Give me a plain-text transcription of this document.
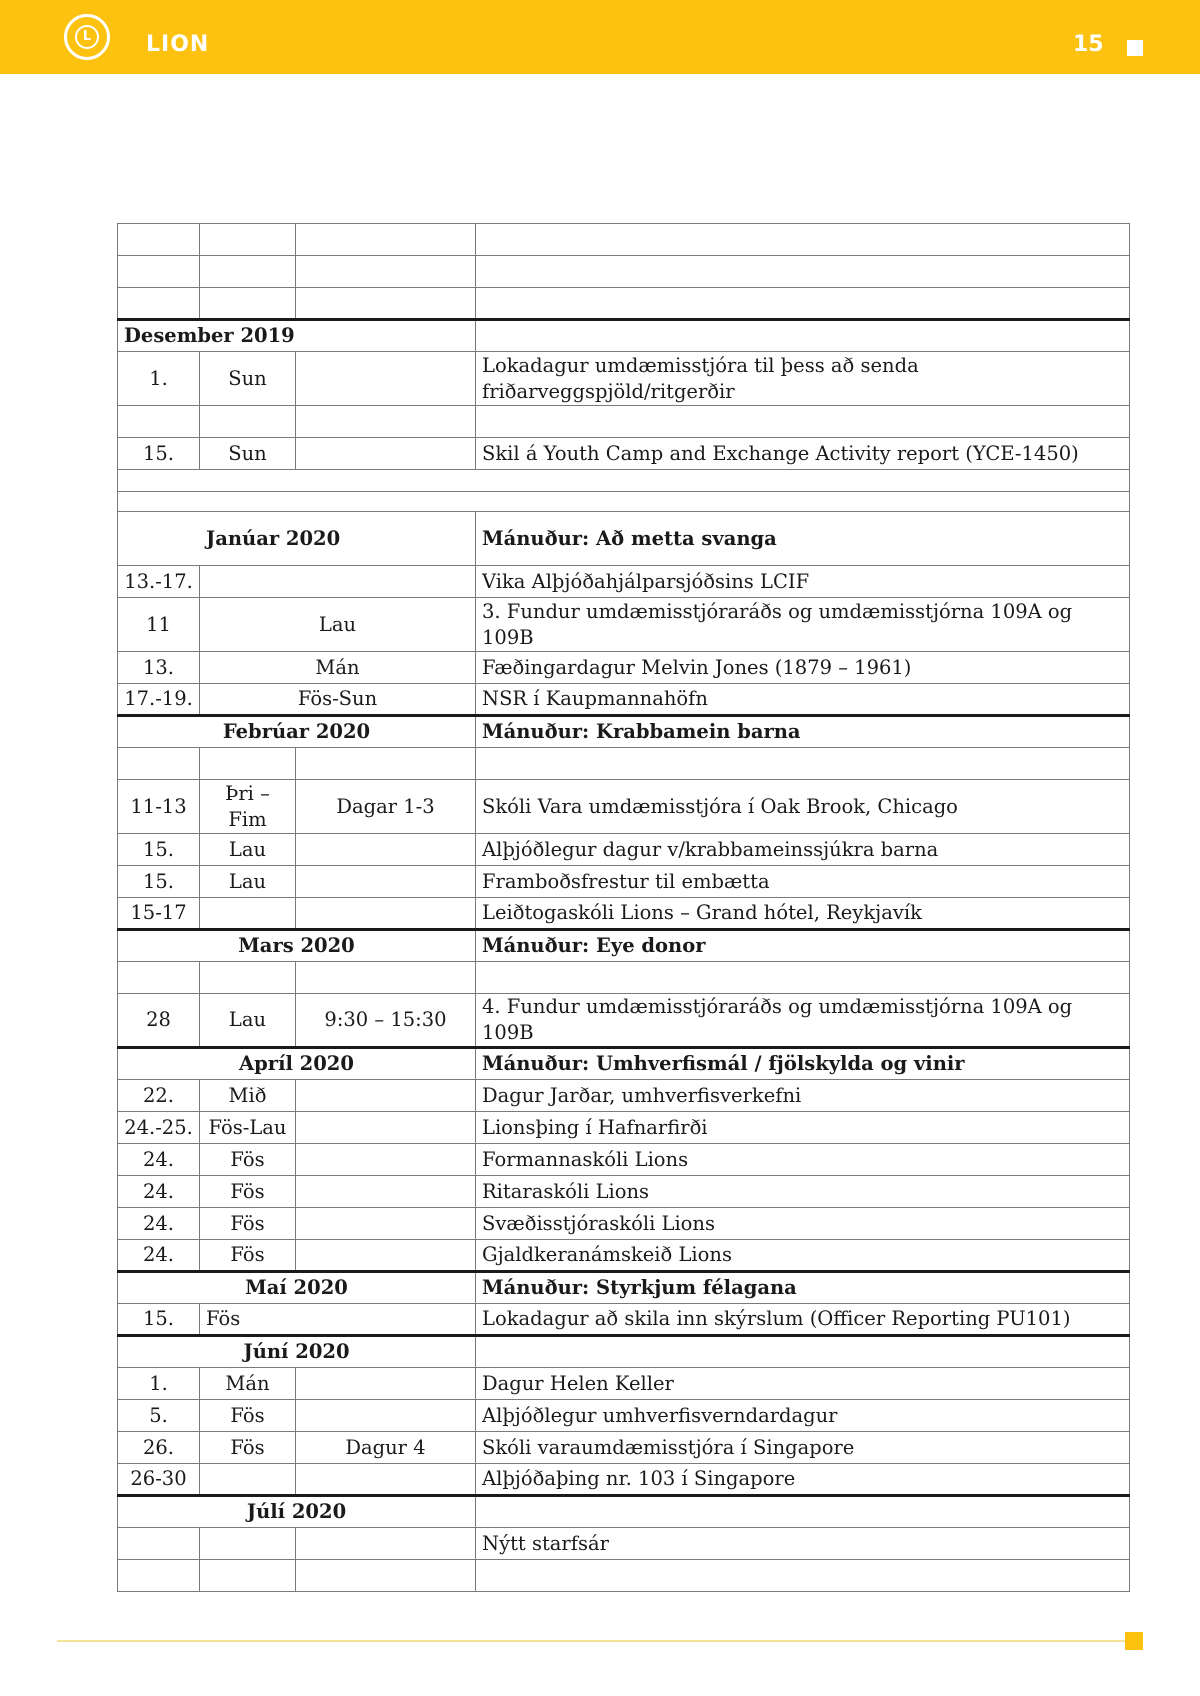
L	LION	15

Desember 2019			
1.	Sun		Lokadagur umdæmisstjóra til þess að senda friðarveggspjöld/ritgerðir

15.	Sun		Skil á Youth Camp and Exchange Activity report (YCE-1450)

Janúar 2020			Mánuður: Að metta svanga
13.-17.			Vika Alþjóðahjálparsjóðsins LCIF
11	Lau		3. Fundur umdæmisstjóraráðs og umdæmisstjórna 109A og 109B
13.	Mán		Fæðingardagur Melvin Jones (1879 – 1961)
17.-19.	Fös-Sun		NSR í Kaupmannahöfn
Febrúar 2020			Mánuður: Krabbamein barna

11-13	Þri – Fim	Dagar 1-3	Skóli Vara umdæmisstjóra í Oak Brook, Chicago
15.	Lau		Alþjóðlegur dagur v/krabbameinssjúkra barna
15.	Lau		Framboðsfrestur til embætta
15-17			Leiðtogaskóli Lions – Grand hótel, Reykjavík
Mars 2020			Mánuður: Eye donor

28	Lau	9:30 – 15:30	4. Fundur umdæmisstjóraráðs og umdæmisstjórna 109A og 109B
Apríl 2020			Mánuður: Umhverfismál / fjölskylda og vinir
22.	Mið		Dagur Jarðar, umhverfisverkefni
24.-25.	Fös-Lau		Lionsþing í Hafnarfirði
24.	Fös		Formannaskóli Lions
24.	Fös		Ritaraskóli Lions
24.	Fös		Svæðisstjóraskóli Lions
24.	Fös		Gjaldkeranámskeið Lions
Maí 2020			Mánuður: Styrkjum félagana
15.	Fös		Lokadagur að skila inn skýrslum (Officer Reporting PU101)
Júní 2020			
1.	Mán		Dagur Helen Keller
5.	Fös		Alþjóðlegur umhverfisverndardagur
26.	Fös	Dagur 4	Skóli varaumdæmisstjóra í Singapore
26-30			Alþjóðaþing nr. 103 í Singapore
Júlí 2020			
			Nýtt starfsár
